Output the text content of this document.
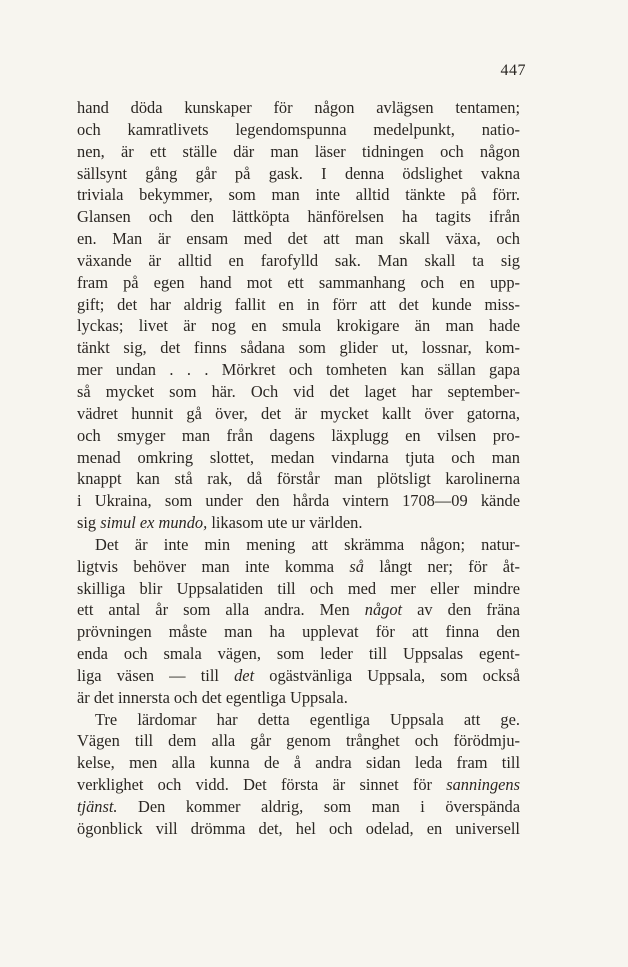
447
hand döda kunskaper för någon avlägsen tentamen;
och kamratlivets legendomspunna medelpunkt, natio-
nen, är ett ställe där man läser tidningen och någon
sällsynt gång går på gask. I denna ödslighet vakna
triviala bekymmer, som man inte alltid tänkte på förr.
Glansen och den lättköpta hänförelsen ha tagits ifrån
en. Man är ensam med det att man skall växa, och
växande är alltid en farofylld sak. Man skall ta sig
fram på egen hand mot ett sammanhang och en upp-
gift; det har aldrig fallit en in förr att det kunde miss-
lyckas; livet är nog en smula krokigare än man hade
tänkt sig, det finns sådana som glider ut, lossnar, kom-
mer undan . . . Mörkret och tomheten kan sällan gapa
så mycket som här. Och vid det laget har september-
vädret hunnit gå över, det är mycket kallt över gatorna,
och smyger man från dagens läxplugg en vilsen pro-
menad omkring slottet, medan vindarna tjuta och man
knappt kan stå rak, då förstår man plötsligt karolinerna
i Ukraina, som under den hårda vintern 1708—09 kände
sig simul ex mundo, likasom ute ur världen.
Det är inte min mening att skrämma någon; natur-
ligtvis behöver man inte komma så långt ner; för åt-
skilliga blir Uppsalatiden till och med mer eller mindre
ett antal år som alla andra. Men något av den fräna
prövningen måste man ha upplevat för att finna den
enda och smala vägen, som leder till Uppsalas egent-
liga väsen — till det ogästvänliga Uppsala, som också
är det innersta och det egentliga Uppsala.
Tre lärdomar har detta egentliga Uppsala att ge.
Vägen till dem alla går genom trånghet och förödmju-
kelse, men alla kunna de å andra sidan leda fram till
verklighet och vidd. Det första är sinnet för sanningens
tjänst. Den kommer aldrig, som man i överspända
ögonblick vill drömma det, hel och odelad, en universell
